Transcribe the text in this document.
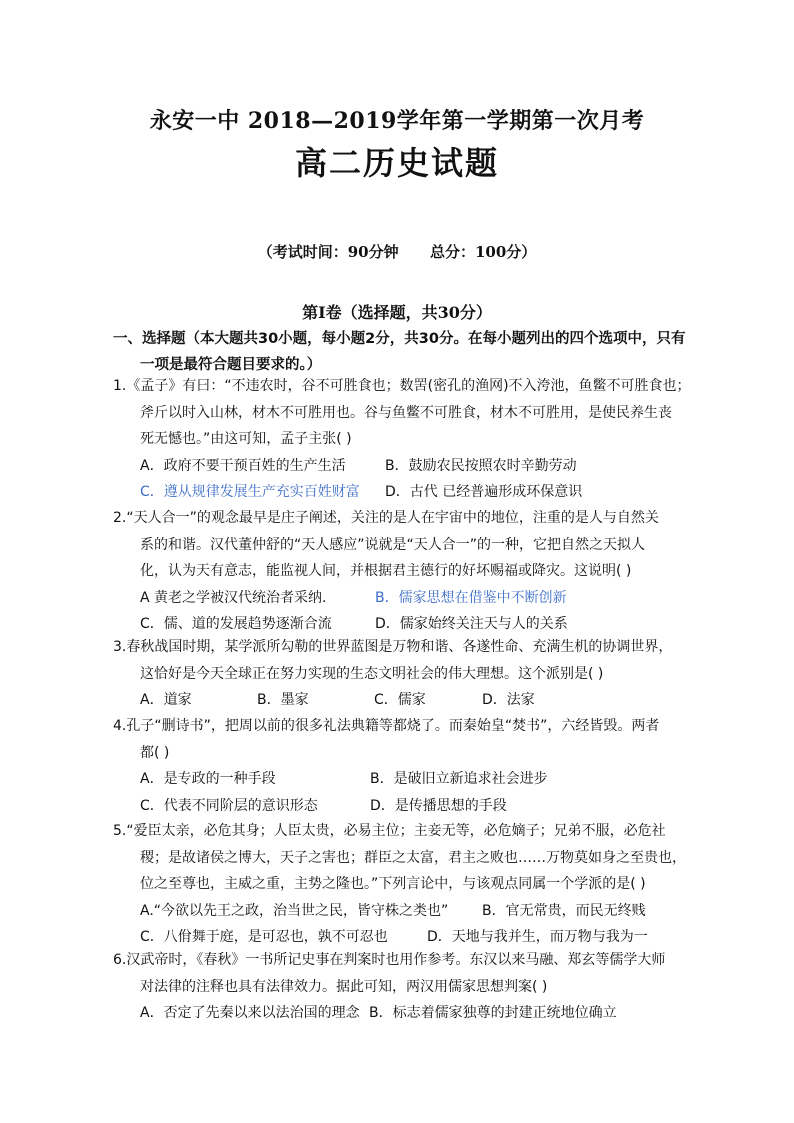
永安一中 2018—2019学年第一学期第一次月考
高二历史试题
（考试时间：90分钟      总分：100分）
第Ⅰ卷（选择题，共30分）
一、选择题（本大题共30小题，每小题2分，共30分。在每小题列出的四个选项中，只有
一项是最符合题目要求的。）
1.《孟子》有曰：“不违农时，谷不可胜食也；数罟(密孔的渔网)不入洿池，鱼鳖不可胜食也；
斧斤以时入山林，材木不可胜用也。谷与鱼鳖不可胜食，材木不可胜用，是使民养生丧
死无憾也。”由这可知，孟子主张( )
A．政府不要干预百姓的生产生活	B．鼓励农民按照农时辛勤劳动
C．遵从规律发展生产充实百姓财富 D．古代 已经普遍形成环保意识
2.“天人合一”的观念最早是庄子阐述，关注的是人在宇宙中的地位，注重的是人与自然关
系的和谐。汉代董仲舒的“天人感应”说就是“天人合一”的一种，它把自然之天拟人
化，认为天有意志，能监视人间，并根据君主德行的好坏赐福或降灾。这说明( )
A 黄老之学被汉代统治者采纳.	B．儒家思想在借鉴中不断创新
C．儒、道的发展趋势逐渐合流	D．儒家始终关注天与人的关系
3.春秋战国时期，某学派所勾勒的世界蓝图是万物和谐、各遂性命、充满生机的协调世界，
这恰好是今天全球正在努力实现的生态文明社会的伟大理想。这个派别是( )
A．道家	B．墨家	C．儒家	D．法家
4.孔子“删诗书”，把周以前的很多礼法典籍等都烧了。而秦始皇“焚书”，六经皆毁。两者
都( )
A．是专政的一种手段	B．是破旧立新追求社会进步
C．代表不同阶层的意识形态	D．是传播思想的手段
5.“爱臣太亲，必危其身；人臣太贵，必易主位；主妾无等，必危嫡子；兄弟不服，必危社
稷；是故诸侯之博大，天子之害也；群臣之太富，君主之败也……万物莫如身之至贵也，
位之至尊也，主威之重，主势之隆也。”下列言论中，与该观点同属一个学派的是( )
A.“今欲以先王之政，治当世之民，皆守株之类也” B．官无常贵，而民无终贱
C．八佾舞于庭，是可忍也，孰不可忍也	D．天地与我并生，而万物与我为一
6.汉武帝时，《春秋》一书所记史事在判案时也用作参考。东汉以来马融、郑玄等儒学大师
对法律的注释也具有法律效力。据此可知，两汉用儒家思想判案( )
A．否定了先秦以来以法治国的理念 B．标志着儒家独尊的封建正统地位确立
